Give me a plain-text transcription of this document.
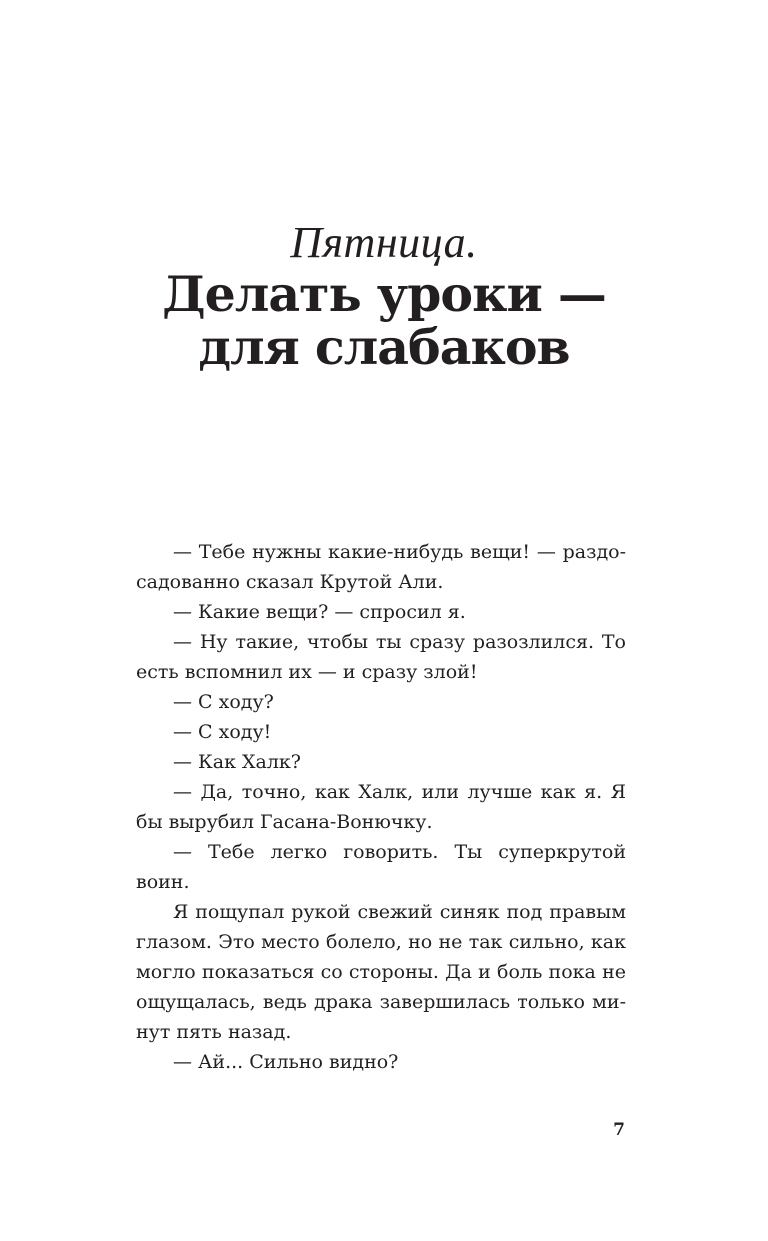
Пятница.
Делать уроки —
для слабаков

— Тебе нужны какие-нибудь вещи! — раздосадованно сказал Крутой Али.

— Какие вещи? — спросил я.

— Ну такие, чтобы ты сразу разозлился. То есть вспомнил их — и сразу злой!

— С ходу?

— С ходу!

— Как Халк?

— Да, точно, как Халк, или лучше как я. Я бы вырубил Гасана-Вонючку.

— Тебе легко говорить. Ты суперкрутой воин.

Я пощупал рукой свежий синяк под правым глазом. Это место болело, но не так сильно, как могло показаться со стороны. Да и боль пока не ощущалась, ведь драка завершилась только минут пять назад.

— Ай... Сильно видно?

7
